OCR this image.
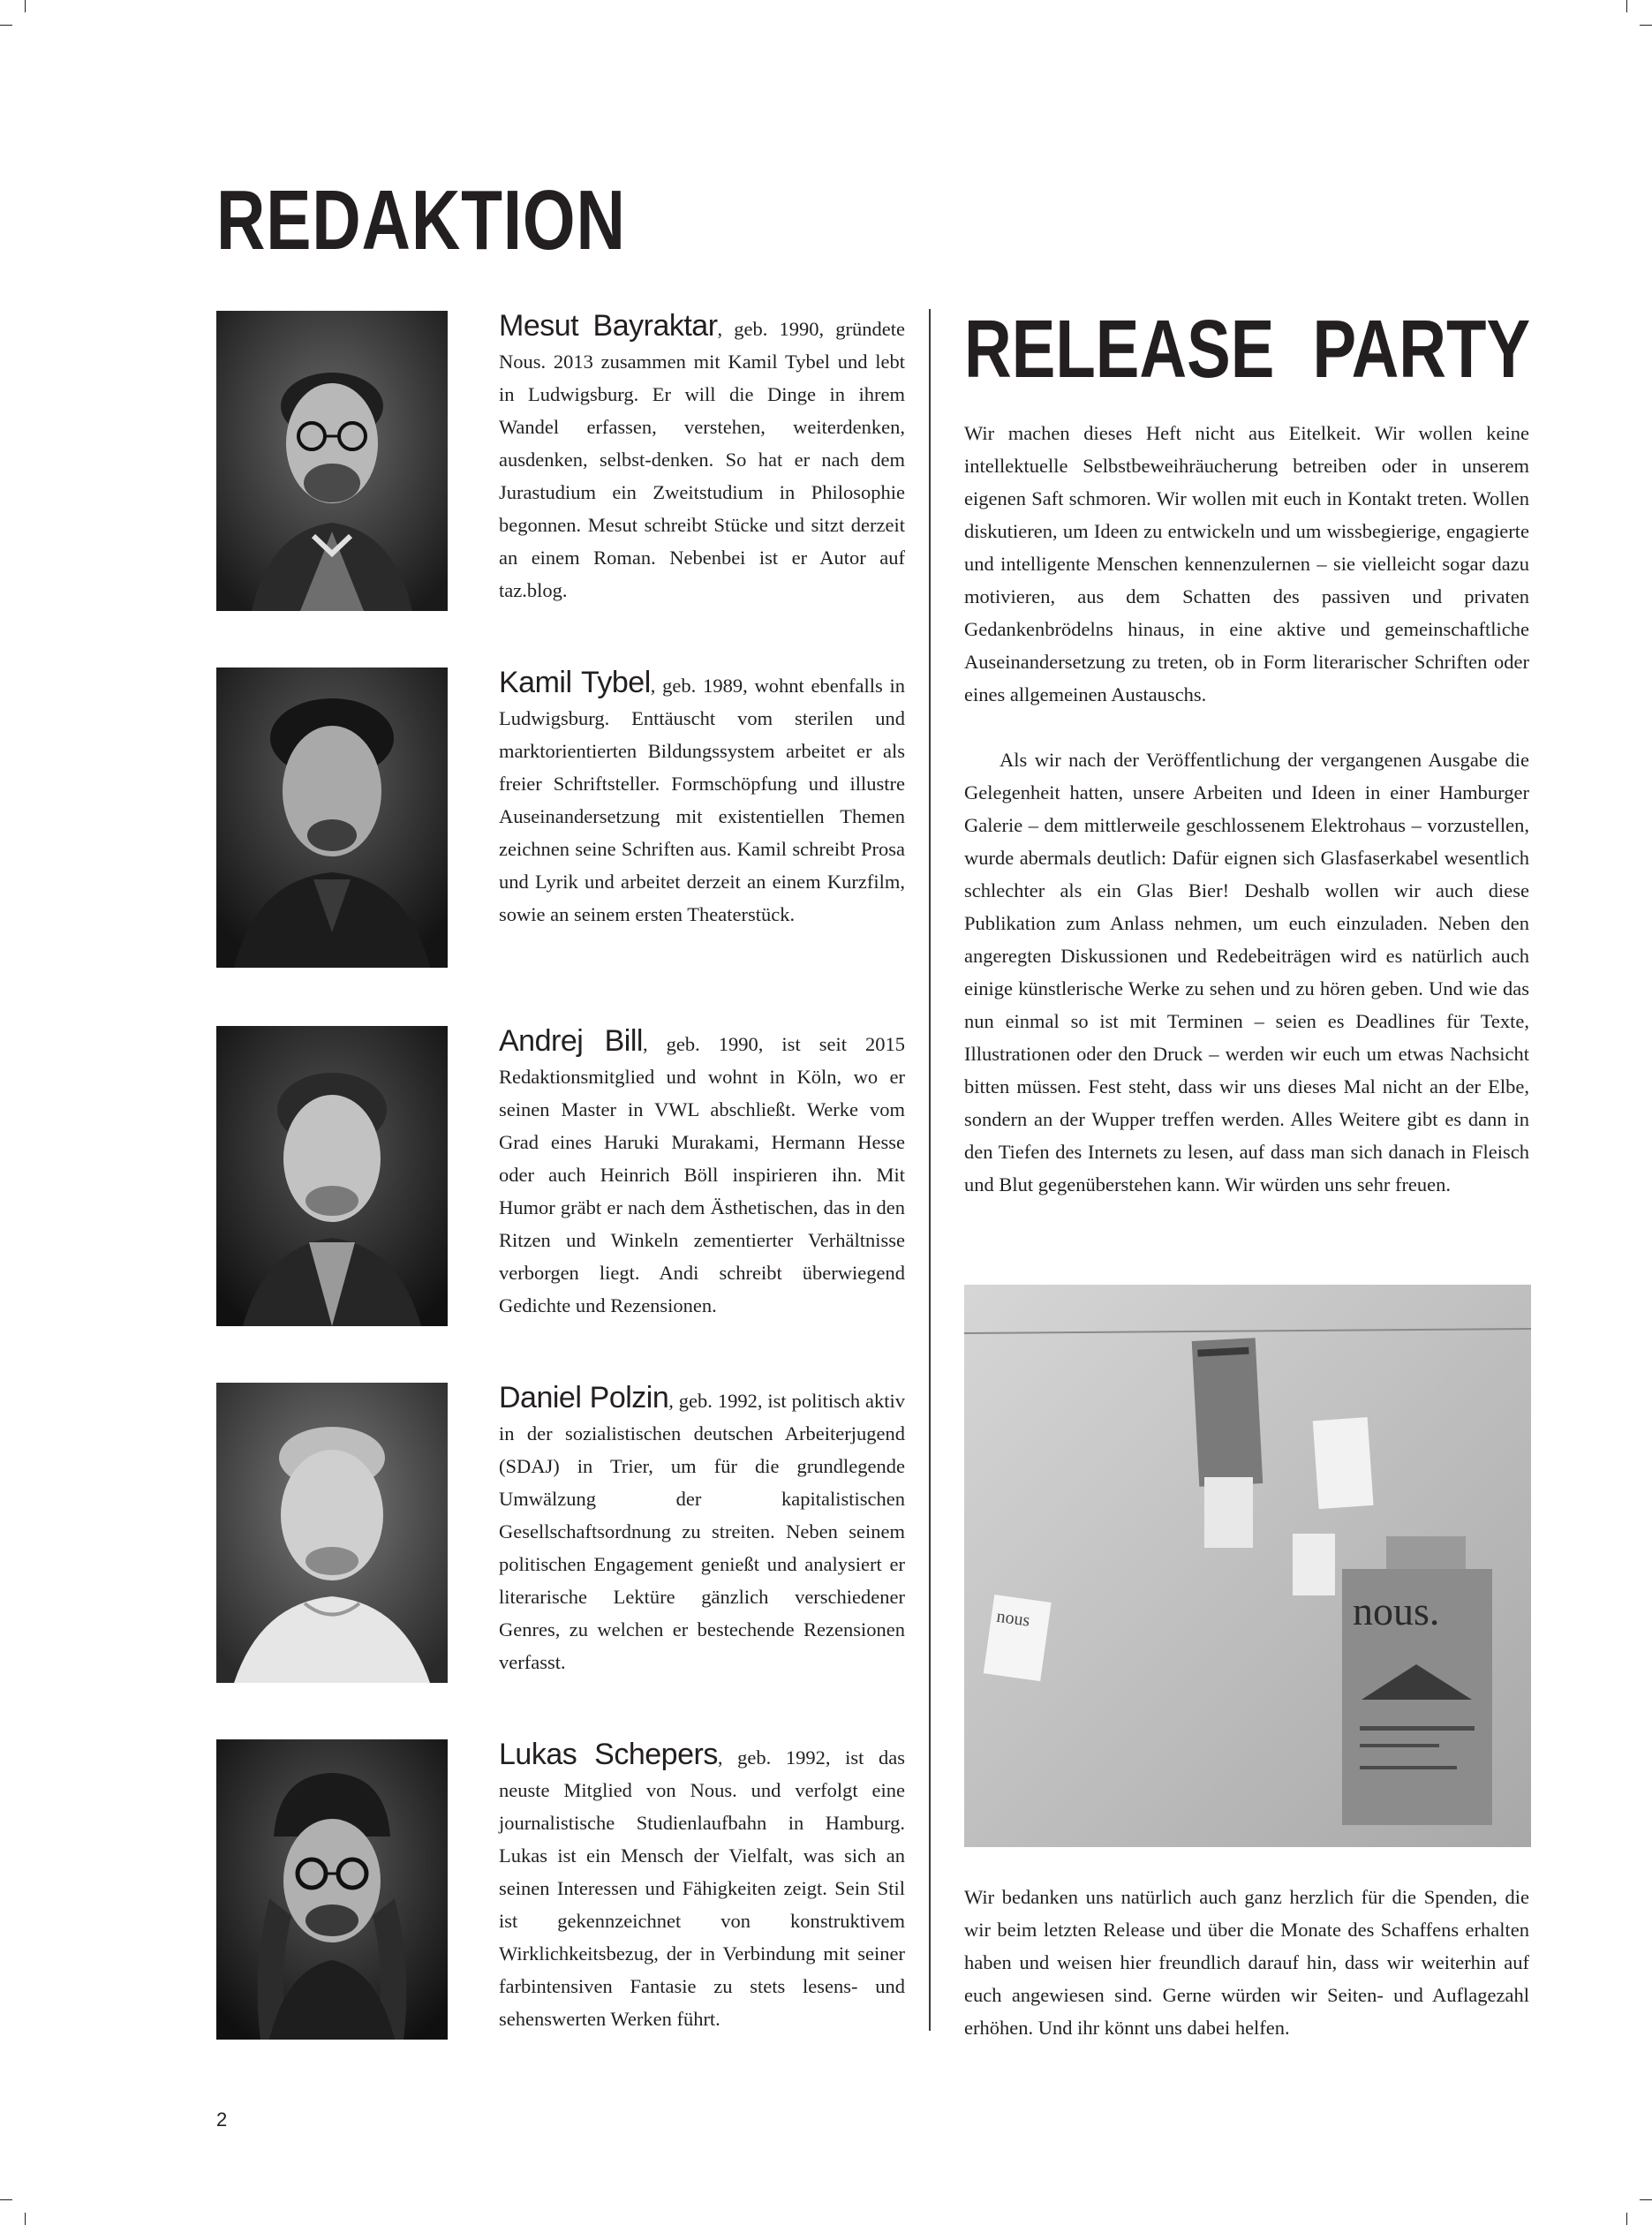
REDAKTION

Mesut Bayraktar, geb. 1990, gründete Nous. 2013 zusammen mit Kamil Tybel und lebt in Ludwigsburg. Er will die Dinge in ihrem Wandel erfassen, verstehen, weiterdenken, ausdenken, selbst-denken. So hat er nach dem Jurastudium ein Zweitstudium in Philosophie begonnen. Mesut schreibt Stücke und sitzt derzeit an einem Roman. Nebenbei ist er Autor auf taz.blog.

Kamil Tybel, geb. 1989, wohnt ebenfalls in Ludwigsburg. Enttäuscht vom sterilen und marktorientierten Bildungssystem arbeitet er als freier Schriftsteller. Formschöpfung und illustre Auseinandersetzung mit existentiellen Themen zeichnen seine Schriften aus. Kamil schreibt Prosa und Lyrik und arbeitet derzeit an einem Kurzfilm, sowie an seinem ersten Theaterstück.

Andrej Bill, geb. 1990, ist seit 2015 Redaktionsmitglied und wohnt in Köln, wo er seinen Master in VWL abschließt. Werke vom Grad eines Haruki Murakami, Hermann Hesse oder auch Heinrich Böll inspirieren ihn. Mit Humor gräbt er nach dem Ästhetischen, das in den Ritzen und Winkeln zementierter Verhältnisse verborgen liegt. Andi schreibt überwiegend Gedichte und Rezensionen.

Daniel Polzin, geb. 1992, ist politisch aktiv in der sozialistischen deutschen Arbeiterjugend (SDAJ) in Trier, um für die grundlegende Umwälzung der kapitalistischen Gesellschaftsordnung zu streiten. Neben seinem politischen Engagement genießt und analysiert er literarische Lektüre gänzlich verschiedener Genres, zu welchen er bestechende Rezensionen verfasst.

Lukas Schepers, geb. 1992, ist das neuste Mitglied von Nous. und verfolgt eine journalistische Studienlaufbahn in Hamburg. Lukas ist ein Mensch der Vielfalt, was sich an seinen Interessen und Fähigkeiten zeigt. Sein Stil ist gekennzeichnet von konstruktivem Wirklichkeitsbezug, der in Verbindung mit seiner farbintensiven Fantasie zu stets lesens- und sehenswerten Werken führt.

RELEASE PARTY

Wir machen dieses Heft nicht aus Eitelkeit. Wir wollen keine intellektuelle Selbstbeweihräucherung betreiben oder in unserem eigenen Saft schmoren. Wir wollen mit euch in Kontakt treten. Wollen diskutieren, um Ideen zu entwickeln und um wissbegierige, engagierte und intelligente Menschen kennenzulernen – sie vielleicht sogar dazu motivieren, aus dem Schatten des passiven und privaten Gedankenbrödelns hinaus, in eine aktive und gemeinschaftliche Auseinandersetzung zu treten, ob in Form literarischer Schriften oder eines allgemeinen Austauschs.

Als wir nach der Veröffentlichung der vergangenen Ausgabe die Gelegenheit hatten, unsere Arbeiten und Ideen in einer Hamburger Galerie – dem mittlerweile geschlossenem Elektrohaus – vorzustellen, wurde abermals deutlich: Dafür eignen sich Glasfaserkabel wesentlich schlechter als ein Glas Bier! Deshalb wollen wir auch diese Publikation zum Anlass nehmen, um euch einzuladen. Neben den angeregten Diskussionen und Redebeiträgen wird es natürlich auch einige künstlerische Werke zu sehen und zu hören geben. Und wie das nun einmal so ist mit Terminen – seien es Deadlines für Texte, Illustrationen oder den Druck – werden wir euch um etwas Nachsicht bitten müssen. Fest steht, dass wir uns dieses Mal nicht an der Elbe, sondern an der Wupper treffen werden. Alles Weitere gibt es dann in den Tiefen des Internets zu lesen, auf dass man sich danach in Fleisch und Blut gegenüberstehen kann. Wir würden uns sehr freuen.

nous	nous.

Wir bedanken uns natürlich auch ganz herzlich für die Spenden, die wir beim letzten Release und über die Monate des Schaffens erhalten haben und weisen hier freundlich darauf hin, dass wir weiterhin auf euch angewiesen sind. Gerne würden wir Seiten- und Auflagezahl erhöhen. Und ihr könnt uns dabei helfen.

2
